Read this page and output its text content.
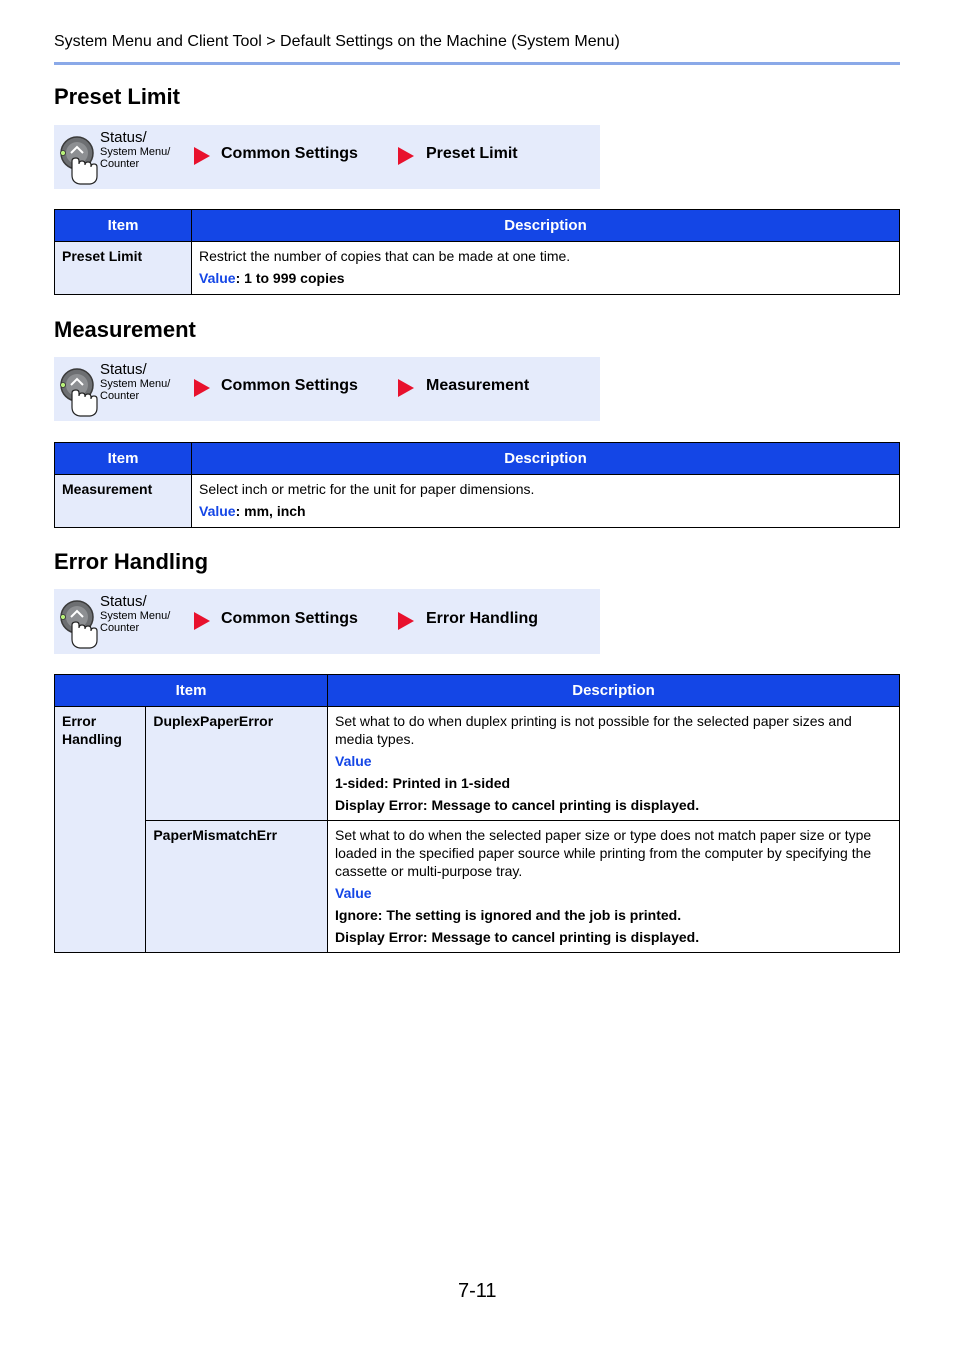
System Menu and Client Tool > Default Settings on the Machine (System Menu)
Preset Limit
Status/
System Menu/
Counter
Common Settings	Preset Limit
Item	Description
Preset Limit	Restrict the number of copies that can be made at one time.
Value: 1 to 999 copies
Measurement
Status/
System Menu/
Counter
Common Settings	Measurement
Item	Description
Measurement	Select inch or metric for the unit for paper dimensions.
Value: mm, inch
Error Handling
Status/
System Menu/
Counter
Common Settings	Error Handling
Item		Description
Error Handling	DuplexPaperError	Set what to do when duplex printing is not possible for the selected paper sizes and media types.
Value
1-sided: Printed in 1-sided
Display Error: Message to cancel printing is displayed.

	PaperMismatchErr	Set what to do when the selected paper size or type does not match paper size or type loaded in the specified paper source while printing from the computer by specifying the cassette or multi-purpose tray.
Value
Ignore: The setting is ignored and the job is printed.
Display Error: Message to cancel printing is displayed.
7-11
